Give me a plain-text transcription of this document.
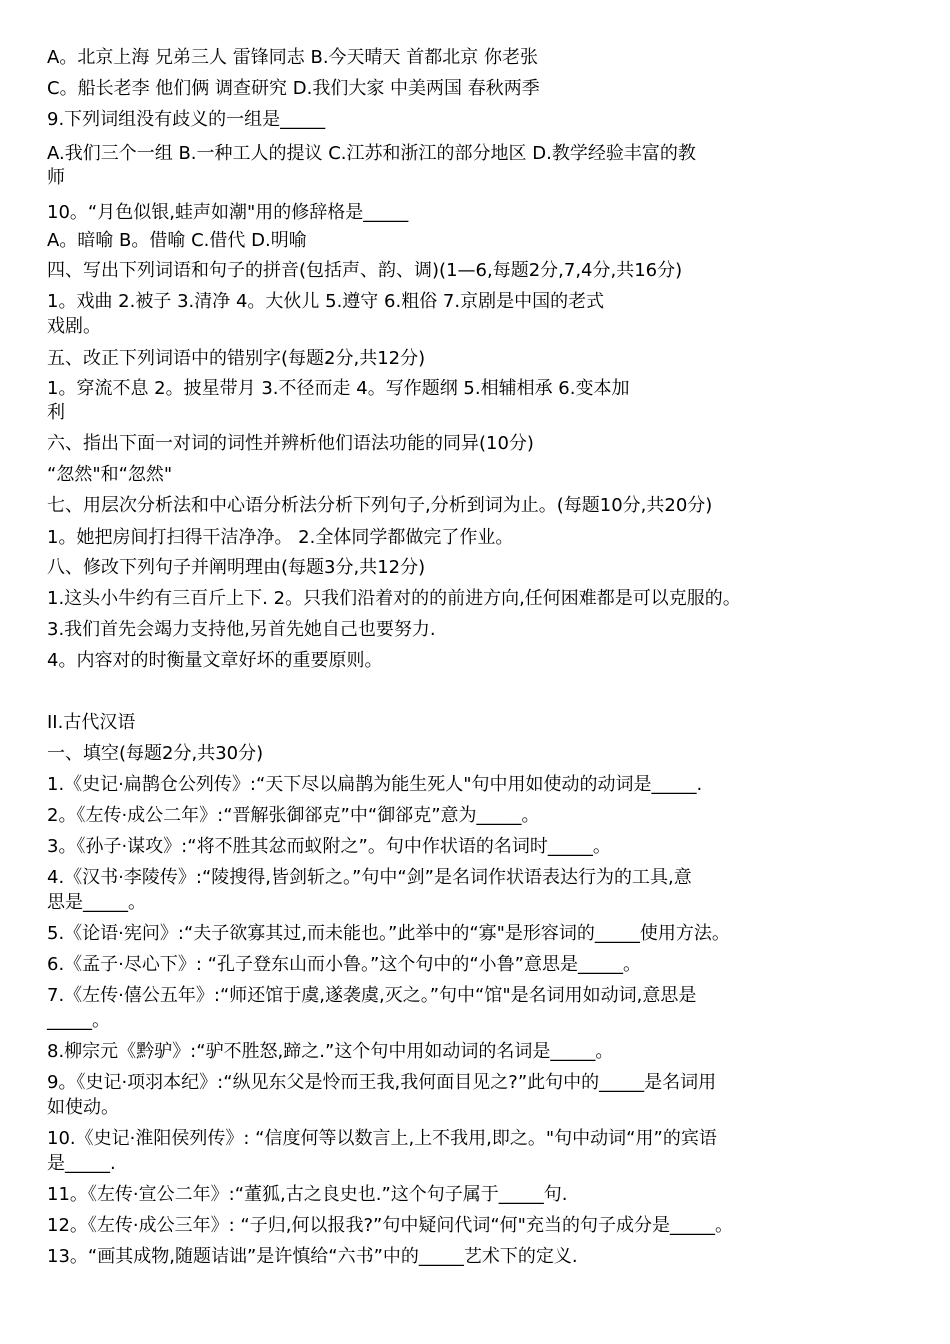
A。北京上海 兄弟三人 雷锋同志 B.今天晴天 首都北京 你老张
C。船长老李 他们俩 调查研究 D.我们大家 中美两国 春秋两季
9.下列词组没有歧义的一组是_____
A.我们三个一组 B.一种工人的提议 C.江苏和浙江的部分地区 D.教学经验丰富的教
师
10。“月色似银,蛙声如潮"用的修辞格是_____
A。暗喻 B。借喻 C.借代 D.明喻
四、写出下列词语和句子的拼音(包括声、韵、调)(1—6,每题2分,7,4分,共16分)
1。戏曲 2.被子 3.清净 4。大伙儿 5.遵守 6.粗俗 7.京剧是中国的老式
戏剧。
五、改正下列词语中的错别字(每题2分,共12分)
1。穿流不息 2。披星带月 3.不径而走 4。写作题纲 5.相辅相承 6.变本加
利
六、指出下面一对词的词性并辨析他们语法功能的同异(10分)
“忽然"和“忽然"
七、用层次分析法和中心语分析法分析下列句子,分析到词为止。(每题10分,共20分)
1。她把房间打扫得干洁净净。 2.全体同学都做完了作业。
八、修改下列句子并阐明理由(每题3分,共12分)
1.这头小牛约有三百斤上下. 2。只我们沿着对的的前进方向,任何困难都是可以克服的。
3.我们首先会竭力支持他,另首先她自己也要努力.
4。内容对的时衡量文章好坏的重要原则。
II.古代汉语
一、填空(每题2分,共30分)
1.《史记·扁鹊仓公列传》:“天下尽以扁鹊为能生死人"句中用如使动的动词是_____.
2。《左传·成公二年》:“晋解张御郤克”中“御郤克”意为_____。
3。《孙子·谋攻》:“将不胜其忿而蚁附之”。句中作状语的名词时_____。
4.《汉书·李陵传》:“陵搜得,皆剑斩之。”句中“剑”是名词作状语表达行为的工具,意
思是_____。
5.《论语·宪问》:“夫子欲寡其过,而未能也。”此举中的“寡"是形容词的_____使用方法。
6.《孟子·尽心下》: “孔子登东山而小鲁。”这个句中的“小鲁”意思是_____。
7.《左传·僖公五年》:“师还馆于虞,遂袭虞,灭之。”句中“馆"是名词用如动词,意思是
_____。
8.柳宗元《黔驴》:“驴不胜怒,蹄之.”这个句中用如动词的名词是_____。
9。《史记·项羽本纪》:“纵见东父是怜而王我,我何面目见之?”此句中的_____是名词用
如使动。
10.《史记·淮阳侯列传》: “信度何等以数言上,上不我用,即之。"句中动词“用”的宾语
是_____.
11。《左传·宣公二年》:“董狐,古之良史也.”这个句子属于_____句.
12。《左传·成公三年》: “子归,何以报我?”句中疑问代词“何"充当的句子成分是_____。
13。“画其成物,随题诘诎”是许慎给“六书”中的_____艺术下的定义.
